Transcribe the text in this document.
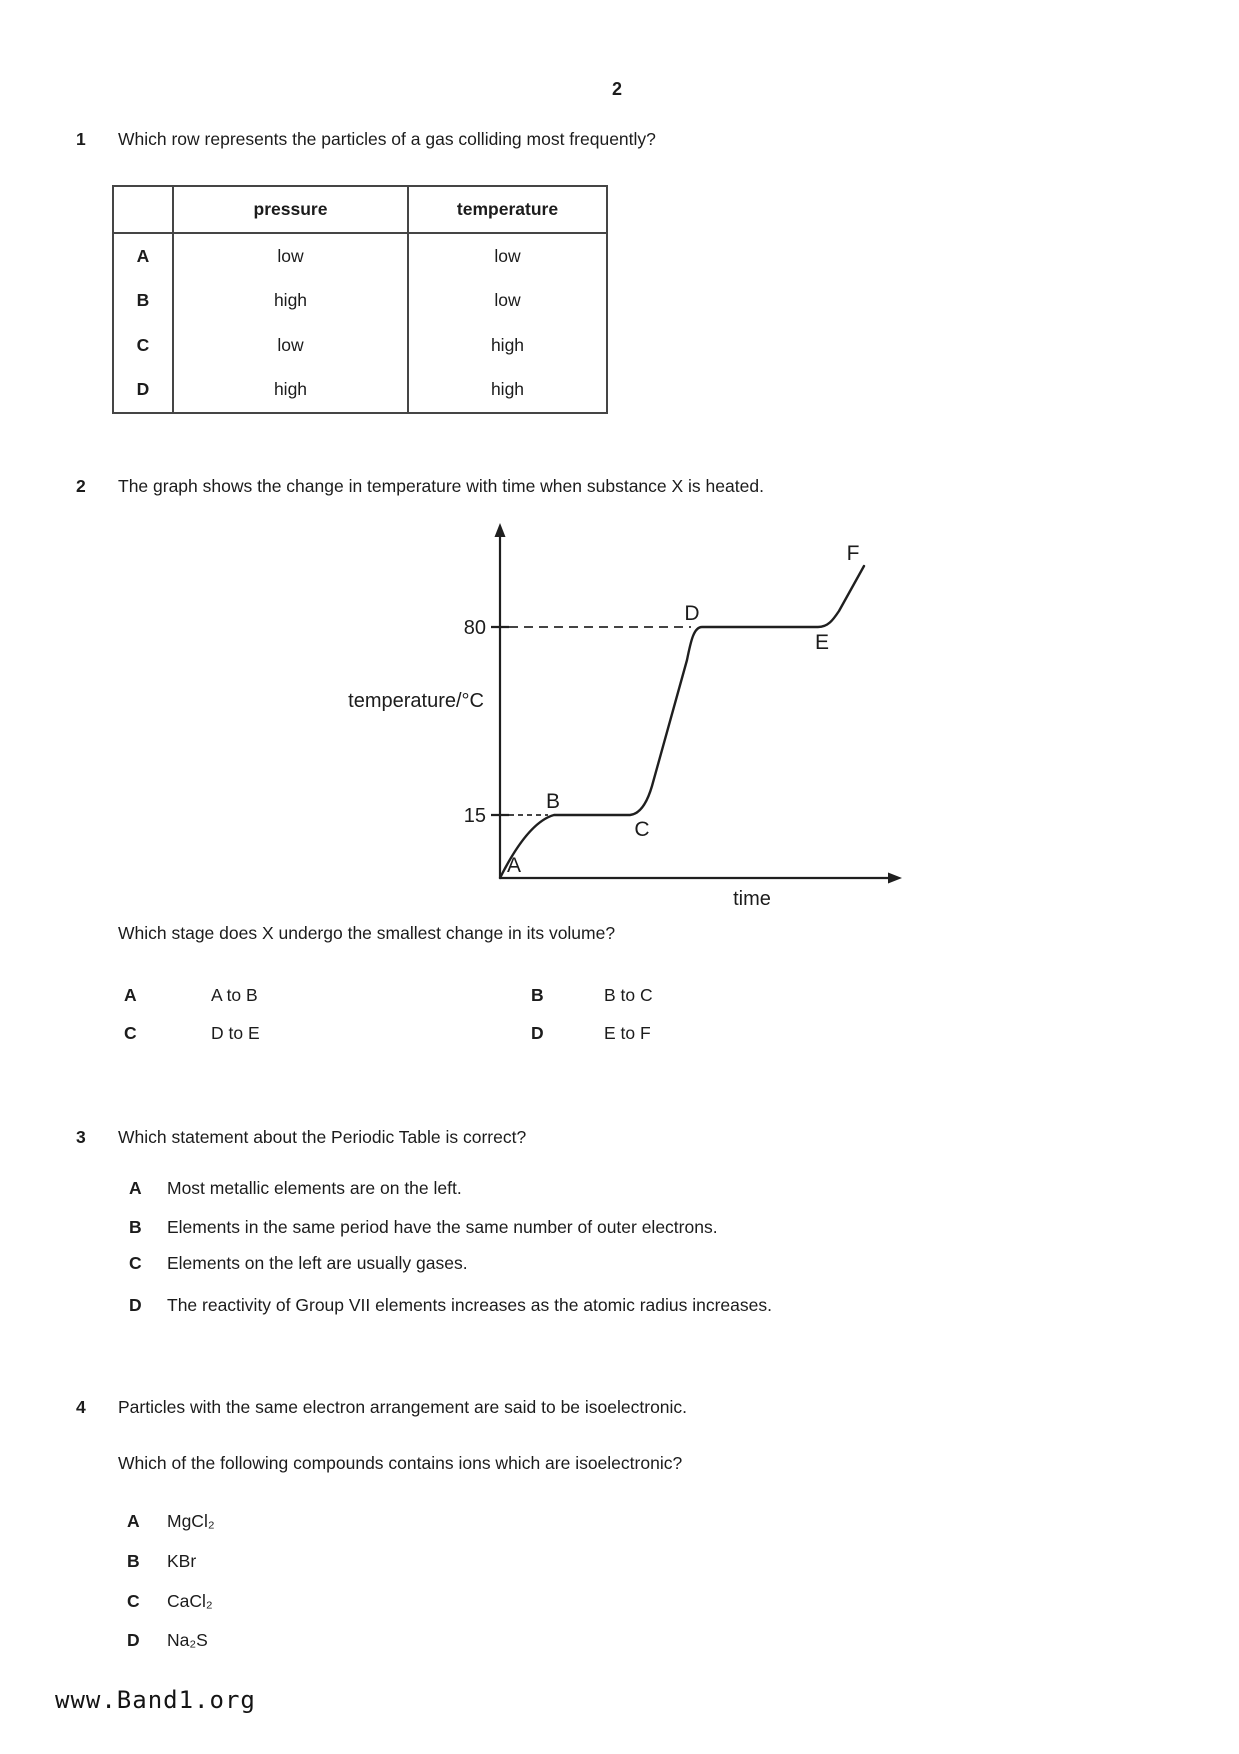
2
1 Which row represents the particles of a gas colliding most frequently?
	pressure	temperature
A	low	low
B	high	low
C	low	high
D	high	high
2 The graph shows the change in temperature with time when substance X is heated.
80
15
A
B
C
D
E
F
temperature/°C
time
Which stage does X undergo the smallest change in its volume?
A	A to B	B	B to C
C	D to E	D	E to F
3 Which statement about the Periodic Table is correct?
A Most metallic elements are on the left.
B Elements in the same period have the same number of outer electrons.
C Elements on the left are usually gases.
D The reactivity of Group VII elements increases as the atomic radius increases.
4 Particles with the same electron arrangement are said to be isoelectronic.
Which of the following compounds contains ions which are isoelectronic?
A MgCl₂
B KBr
C CaCl₂
D Na₂S
www.Band1.org
